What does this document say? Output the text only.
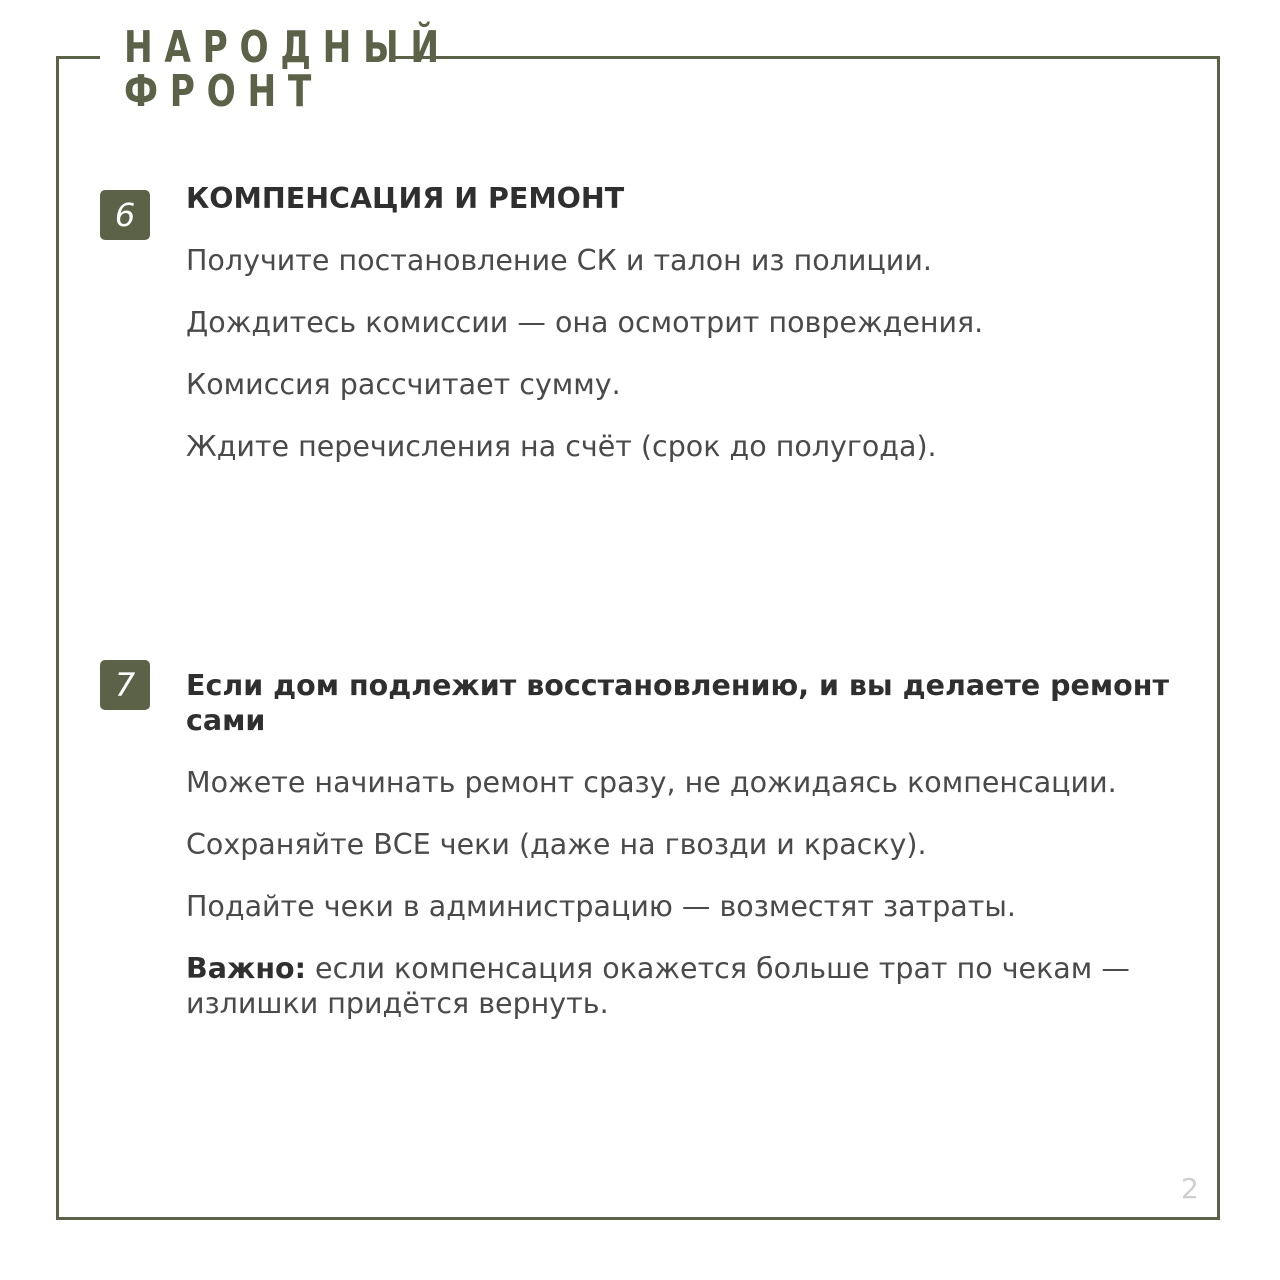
НАРОДНЫЙ
ФРОНТ
6	КОМПЕНСАЦИЯ И РЕМОНТ

Получите постановление СК и талон из полиции.

Дождитесь комиссии — она осмотрит повреждения.

Комиссия рассчитает сумму.

Ждите перечисления на счёт (срок до полугода).

7	Если дом подлежит восстановлению, и вы делаете ремонт сами

Можете начинать ремонт сразу, не дожидаясь компенсации.

Сохраняйте ВСЕ чеки (даже на гвозди и краску).

Подайте чеки в администрацию — возместят затраты.

Важно: если компенсация окажется больше трат по чекам — излишки придётся вернуть.

2
